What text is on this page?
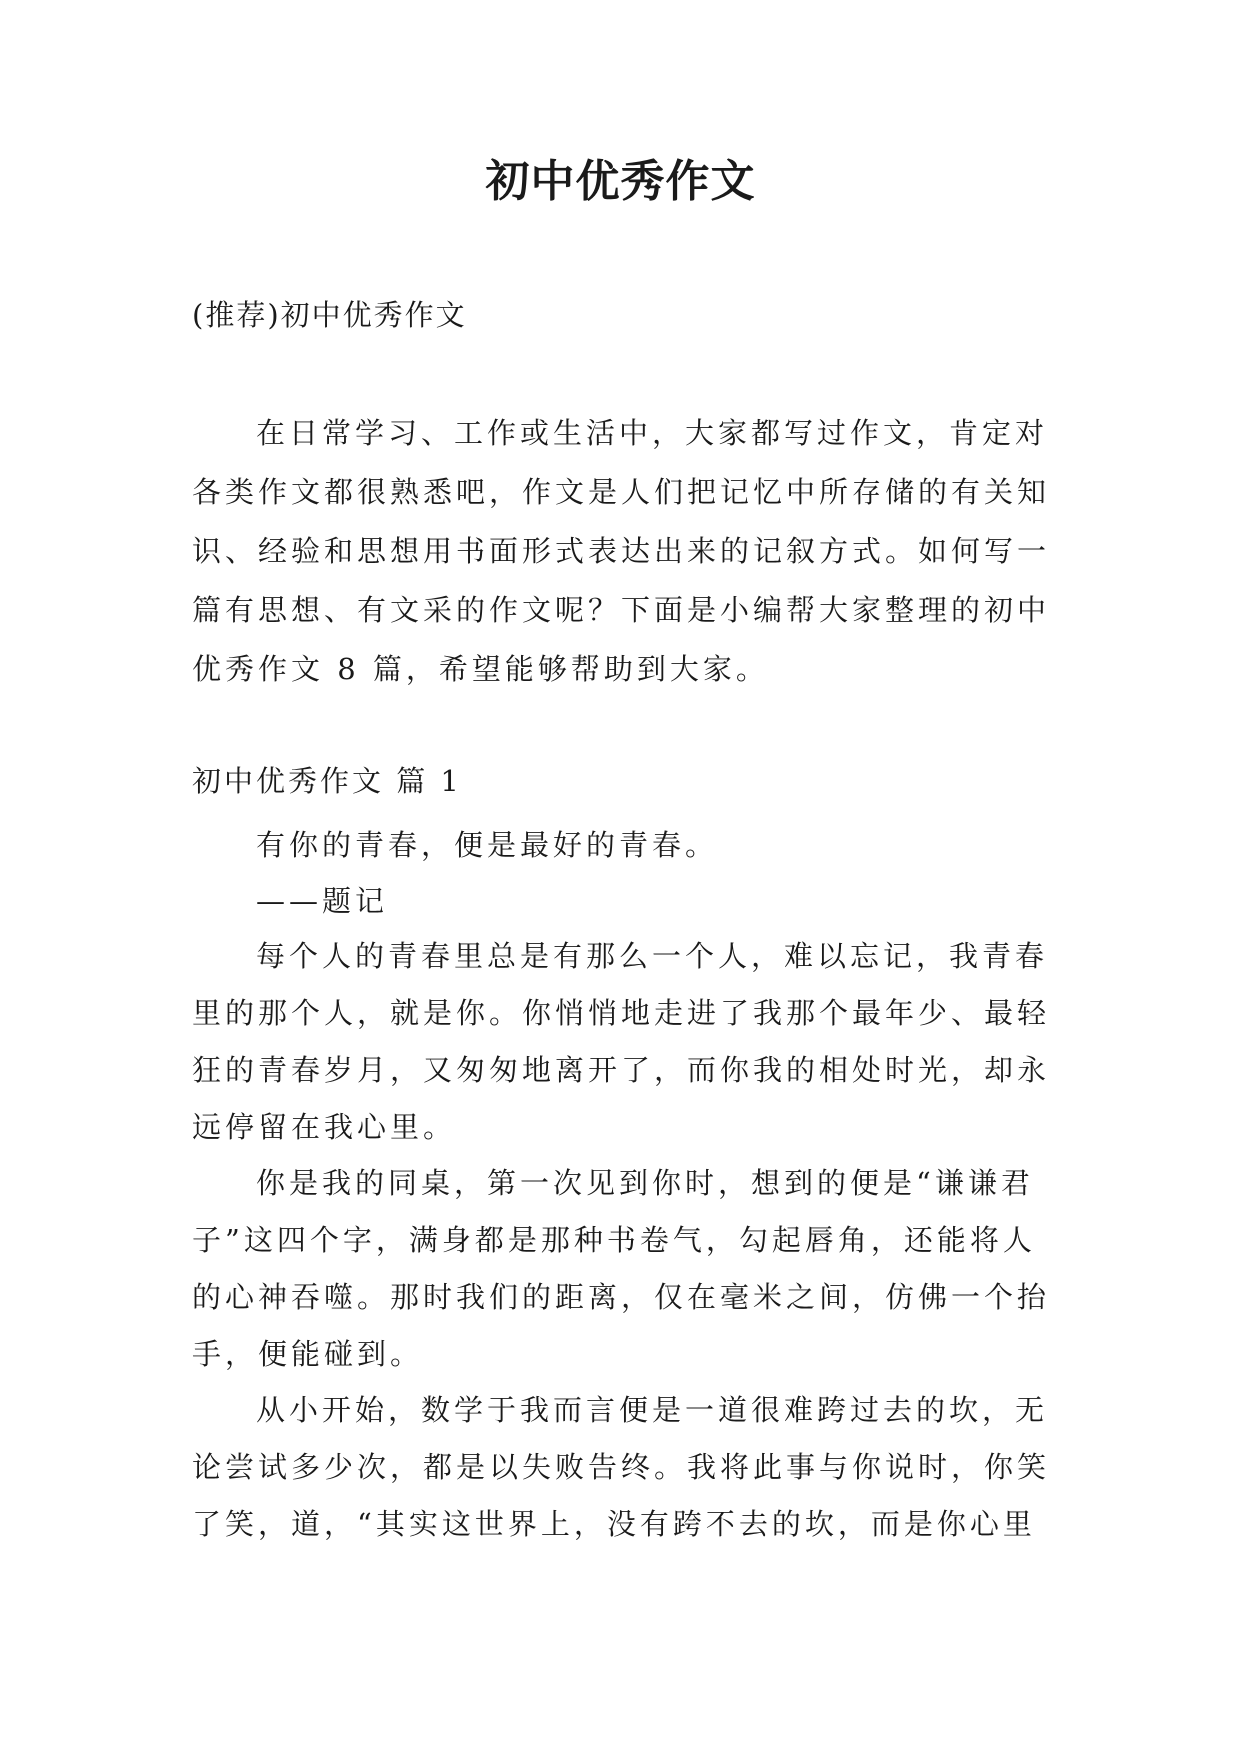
初中优秀作文

(推荐)初中优秀作文

在日常学习、工作或生活中，大家都写过作文，肯定对
各类作文都很熟悉吧，作文是人们把记忆中所存储的有关知
识、经验和思想用书面形式表达出来的记叙方式。如何写一
篇有思想、有文采的作文呢？下面是小编帮大家整理的初中
优秀作文 8 篇，希望能够帮助到大家。

初中优秀作文 篇 1

有你的青春，便是最好的青春。
——题记
每个人的青春里总是有那么一个人，难以忘记，我青春
里的那个人，就是你。你悄悄地走进了我那个最年少、最轻
狂的青春岁月，又匆匆地离开了，而你我的相处时光，却永
远停留在我心里。
你是我的同桌，第一次见到你时，想到的便是“谦谦君
子”这四个字，满身都是那种书卷气，勾起唇角，还能将人
的心神吞噬。那时我们的距离，仅在毫米之间，仿佛一个抬
手，便能碰到。
从小开始，数学于我而言便是一道很难跨过去的坎，无
论尝试多少次，都是以失败告终。我将此事与你说时，你笑
了笑，道，“其实这世界上，没有跨不去的坎，而是你心里
